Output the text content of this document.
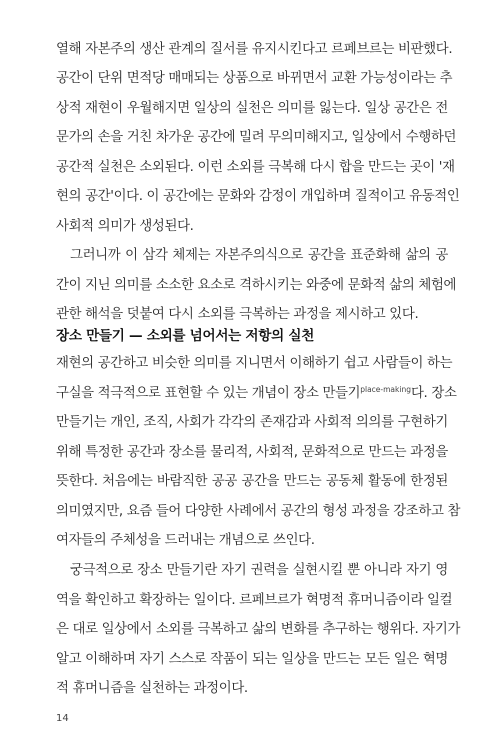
열해 자본주의 생산 관계의 질서를 유지시킨다고 르페브르는 비판했다.
공간이 단위 면적당 매매되는 상품으로 바뀌면서 교환 가능성이라는 추
상적 재현이 우월해지면 일상의 실천은 의미를 잃는다. 일상 공간은 전
문가의 손을 거친 차가운 공간에 밀려 무의미해지고, 일상에서 수행하던
공간적 실천은 소외된다. 이런 소외를 극복해 다시 합을 만드는 곳이 '재
현의 공간'이다. 이 공간에는 문화와 감정이 개입하며 질적이고 유동적인
사회적 의미가 생성된다.
그러니까 이 삼각 체제는 자본주의식으로 공간을 표준화해 삶의 공
간이 지닌 의미를 소소한 요소로 격하시키는 와중에 문화적 삶의 체험에
관한 해석을 덧붙여 다시 소외를 극복하는 과정을 제시하고 있다.
장소 만들기 — 소외를 넘어서는 저항의 실천
재현의 공간하고 비슷한 의미를 지니면서 이해하기 쉽고 사람들이 하는
구실을 적극적으로 표현할 수 있는 개념이 장소 만들기$^{place-making}$다. 장소
만들기는 개인, 조직, 사회가 각각의 존재감과 사회적 의의를 구현하기
위해 특정한 공간과 장소를 물리적, 사회적, 문화적으로 만드는 과정을
뜻한다. 처음에는 바람직한 공공 공간을 만드는 공동체 활동에 한정된
의미였지만, 요즘 들어 다양한 사례에서 공간의 형성 과정을 강조하고 참
여자들의 주체성을 드러내는 개념으로 쓰인다.
궁극적으로 장소 만들기란 자기 권력을 실현시킬 뿐 아니라 자기 영
역을 확인하고 확장하는 일이다. 르페브르가 혁명적 휴머니즘이라 일컬
은 대로 일상에서 소외를 극복하고 삶의 변화를 추구하는 행위다. 자기가
알고 이해하며 자기 스스로 작품이 되는 일상을 만드는 모든 일은 혁명
적 휴머니즘을 실천하는 과정이다.
14
